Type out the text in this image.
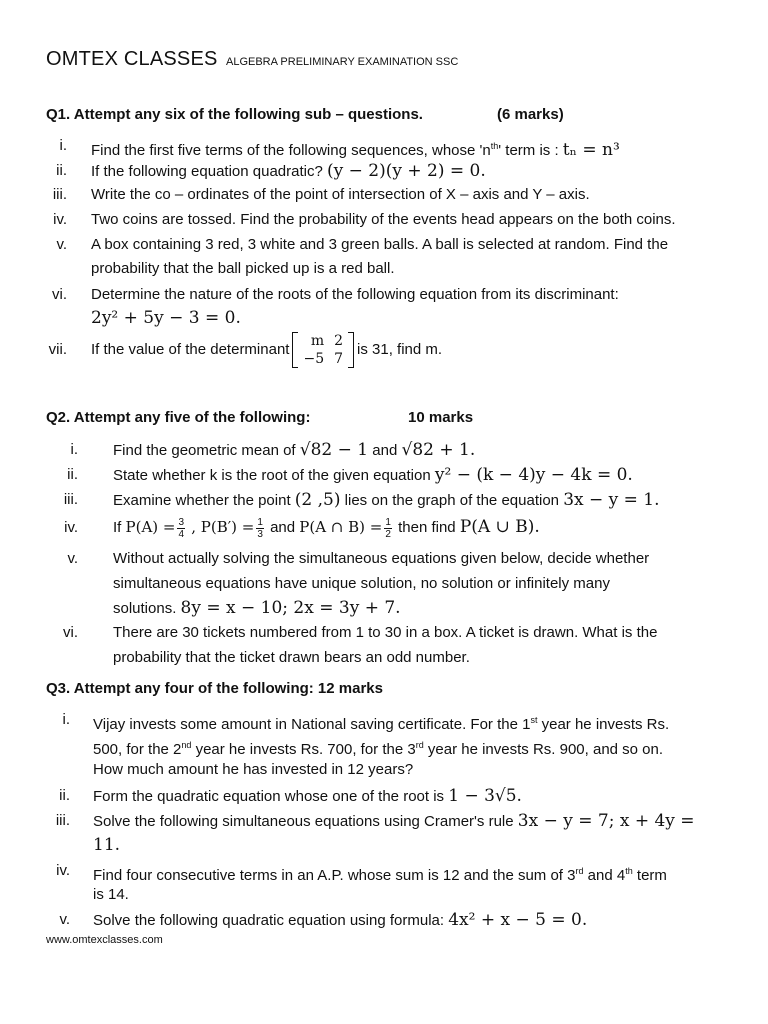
OMTEX CLASSES ALGEBRA PRELIMINARY EXAMINATION SSC
Q1. Attempt any six of the following sub – questions.	(6 marks)
i. Find the first five terms of the following sequences, whose '$n^{th}$' term is : tₙ = n³
ii. If the following equation quadratic? (y − 2)(y + 2) = 0.
iii. Write the co – ordinates of the point of intersection of X – axis and Y – axis.
iv. Two coins are tossed. Find the probability of the events head appears on the both coins.
v. A box containing 3 red, 3 white and 3 green balls. A ball is selected at random. Find the
probability that the ball picked up is a red ball.
vi. Determine the nature of the roots of the following equation from its discriminant:
2y² + 5y − 3 = 0.
vii. If the value of the determinant m	2
−5	7
is 31, find m.
Q2. Attempt any five of the following:	10 marks
i. Find the geometric mean of √82 − 1 and √82 + 1.
ii. State whether k is the root of the given equation y² − (k − 4)y − 4k = 0.
iii. Examine whether the point (2 ,5) lies on the graph of the equation 3x − y = 1.
iv. If $P(A) = \frac{3}{4}$ , $P(B') = \frac{1}{3}$ and P(A ∩ $B) = \frac{1}{2}$ then find P(A ∪ B).
v. Without actually solving the simultaneous equations given below, decide whether
simultaneous equations have unique solution, no solution or infinitely many
solutions. 8y = x − 10; 2x = 3y + 7.
vi. There are 30 tickets numbered from 1 to 30 in a box. A ticket is drawn. What is the
probability that the ticket drawn bears an odd number.
Q3. Attempt any four of the following: 12 marks
i. Vijay invests some amount in National saving certificate. For the 1st year he invests Rs.
500, for the 2nd year he invests Rs. 700, for the 3rd year he invests Rs. 900, and so on.
How much amount he has invested in 12 years?
ii. Form the quadratic equation whose one of the root is 1 − 3√5.
iii. Solve the following simultaneous equations using Cramer's rule 3x − y = 7; x + 4y =
11.
iv. Find four consecutive terms in an A.P. whose sum is 12 and the sum of 3rd and 4th term
is 14.
v. Solve the following quadratic equation using formula: 4x² + x − 5 = 0.
www.omtexclasses.com
